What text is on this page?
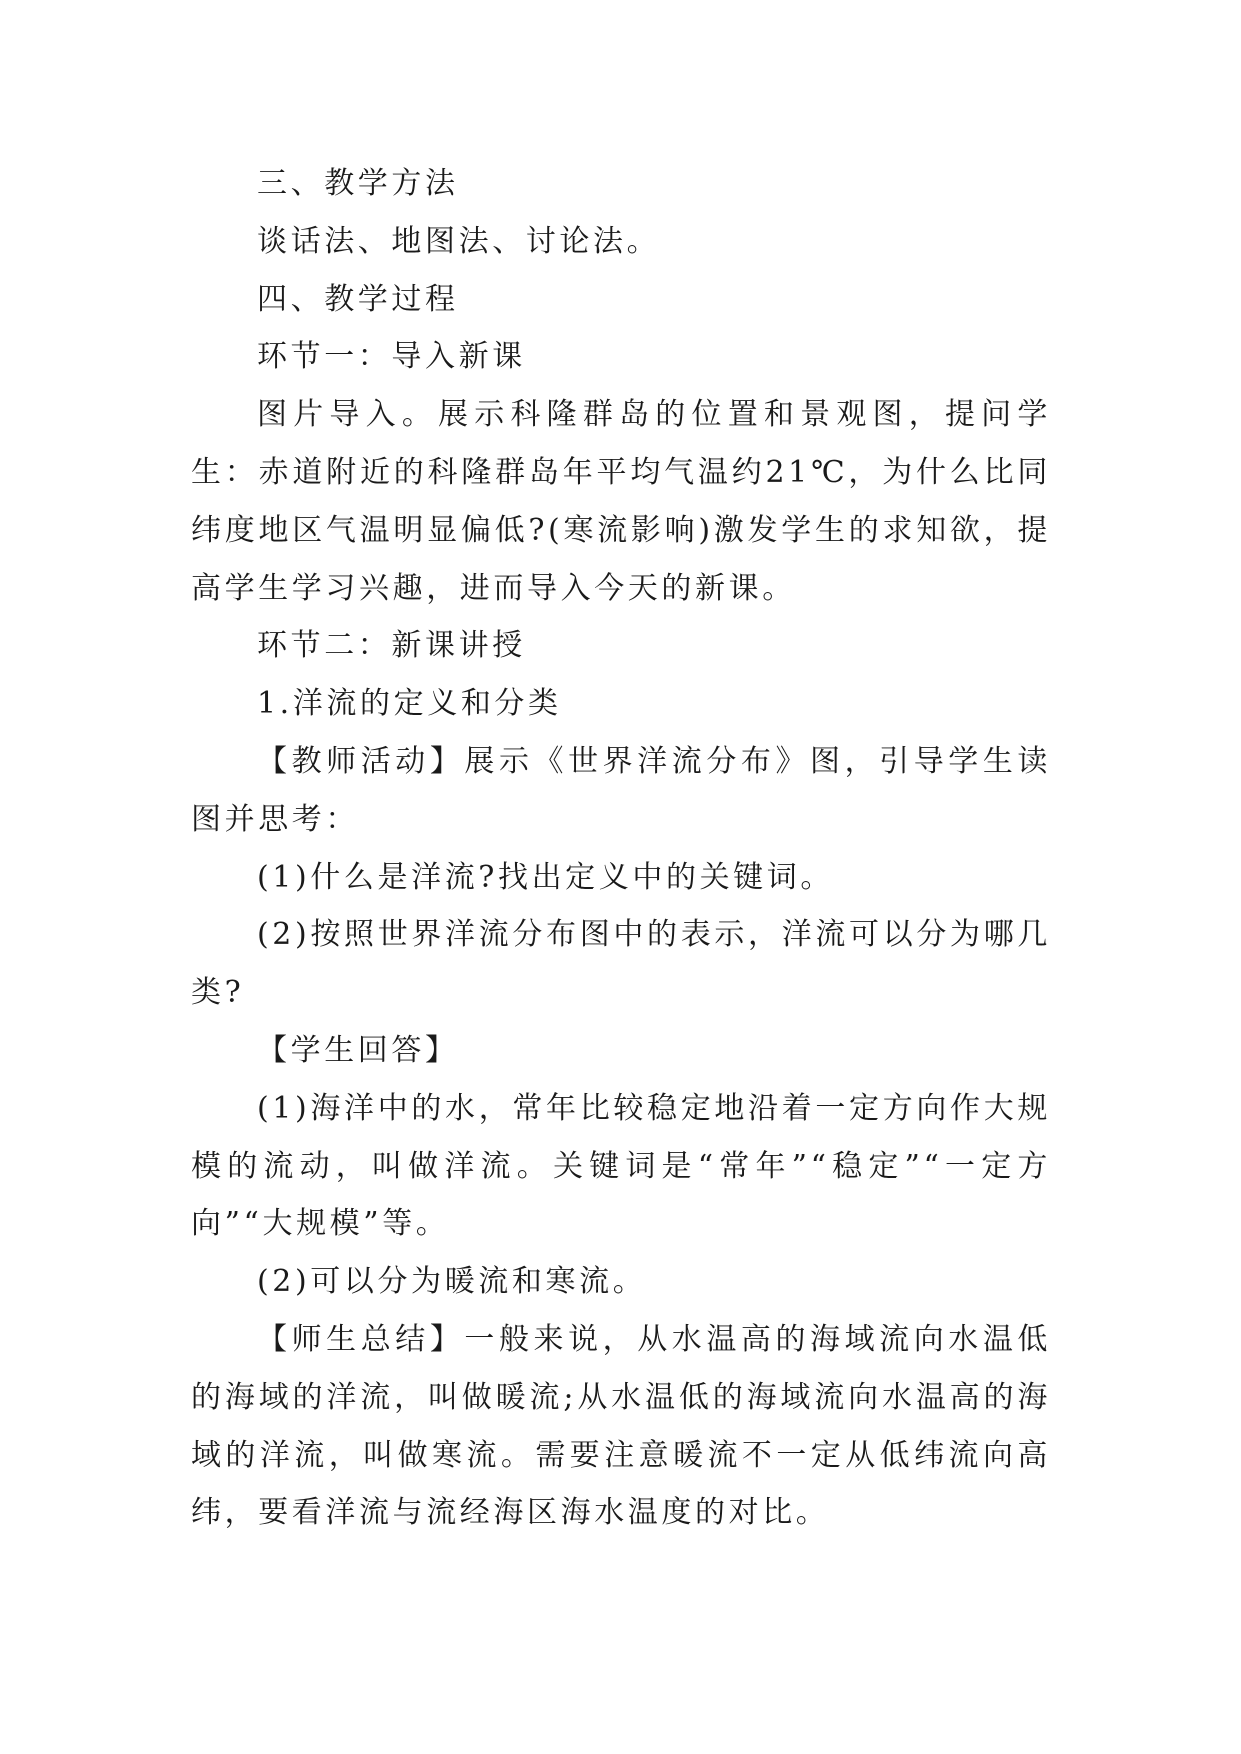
三、教学方法

谈话法、地图法、讨论法。

四、教学过程

环节一：导入新课

图片导入。展示科隆群岛的位置和景观图，提问学生：赤道附近的科隆群岛年平均气温约21℃，为什么比同纬度地区气温明显偏低?(寒流影响)激发学生的求知欲，提高学生学习兴趣，进而导入今天的新课。

环节二：新课讲授

1.洋流的定义和分类

【教师活动】展示《世界洋流分布》图，引导学生读图并思考：

(1)什么是洋流?找出定义中的关键词。

(2)按照世界洋流分布图中的表示，洋流可以分为哪几类?

【学生回答】

(1)海洋中的水，常年比较稳定地沿着一定方向作大规模的流动，叫做洋流。关键词是“常年”“稳定”“一定方向”“大规模”等。

(2)可以分为暖流和寒流。

【师生总结】一般来说，从水温高的海域流向水温低的海域的洋流，叫做暖流;从水温低的海域流向水温高的海域的洋流，叫做寒流。需要注意暖流不一定从低纬流向高纬，要看洋流与流经海区海水温度的对比。
